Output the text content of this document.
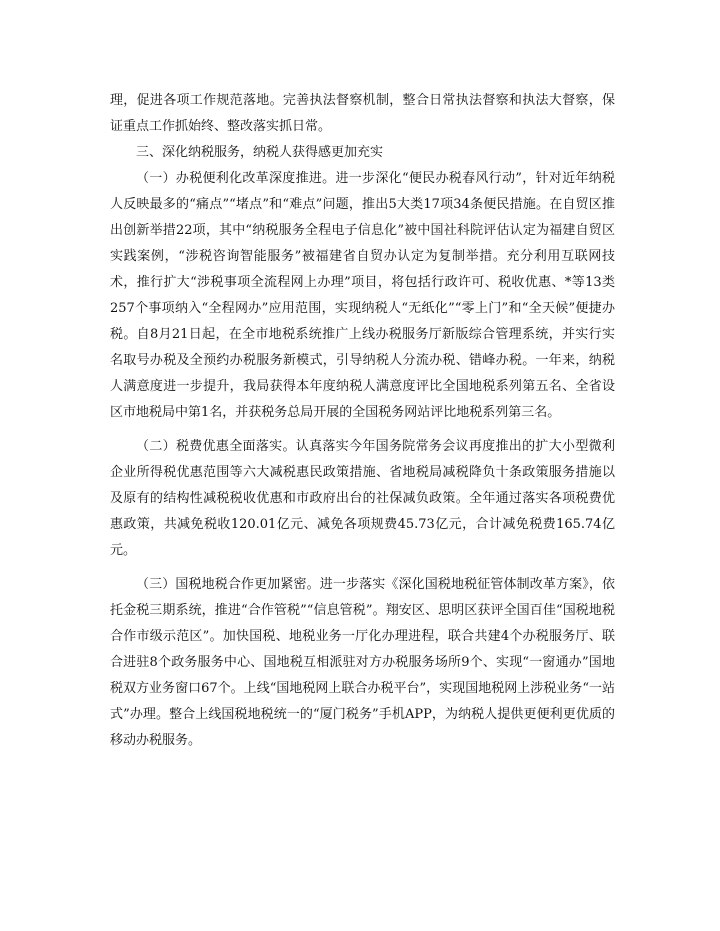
理，促进各项工作规范落地。完善执法督察机制，整合日常执法督察和执法大督察，保证重点工作抓始终、整改落实抓日常。

三、深化纳税服务，纳税人获得感更加充实

（一）办税便利化改革深度推进。进一步深化“便民办税春风行动”，针对近年纳税人反映最多的“痛点”“堵点”和“难点”问题，推出5大类17项34条便民措施。在自贸区推出创新举措22项，其中“纳税服务全程电子信息化”被中国社科院评估认定为福建自贸区实践案例，“涉税咨询智能服务”被福建省自贸办认定为复制举措。充分利用互联网技术，推行扩大“涉税事项全流程网上办理”项目，将包括行政许可、税收优惠、*等13类257个事项纳入“全程网办”应用范围，实现纳税人“无纸化”“零上门”和“全天候”便捷办税。自8月21日起，在全市地税系统推广上线办税服务厅新版综合管理系统，并实行实名取号办税及全预约办税服务新模式，引导纳税人分流办税、错峰办税。一年来，纳税人满意度进一步提升，我局获得本年度纳税人满意度评比全国地税系列第五名、全省设区市地税局中第1名，并获税务总局开展的全国税务网站评比地税系列第三名。

（二）税费优惠全面落实。认真落实今年国务院常务会议再度推出的扩大小型微利企业所得税优惠范围等六大减税惠民政策措施、省地税局减税降负十条政策服务措施以及原有的结构性减税税收优惠和市政府出台的社保减负政策。全年通过落实各项税费优惠政策，共减免税收120.01亿元、减免各项规费45.73亿元，合计减免税费165.74亿元。

（三）国税地税合作更加紧密。进一步落实《深化国税地税征管体制改革方案》，依托金税三期系统，推进“合作管税”“信息管税”。翔安区、思明区获评全国百佳“国税地税合作市级示范区”。加快国税、地税业务一厅化办理进程，联合共建4个办税服务厅、联合进驻8个政务服务中心、国地税互相派驻对方办税服务场所9个、实现“一窗通办”国地税双方业务窗口67个。上线“国地税网上联合办税平台”，实现国地税网上涉税业务“一站式”办理。整合上线国税地税统一的“厦门税务”手机APP，为纳税人提供更便利更优质的移动办税服务。
